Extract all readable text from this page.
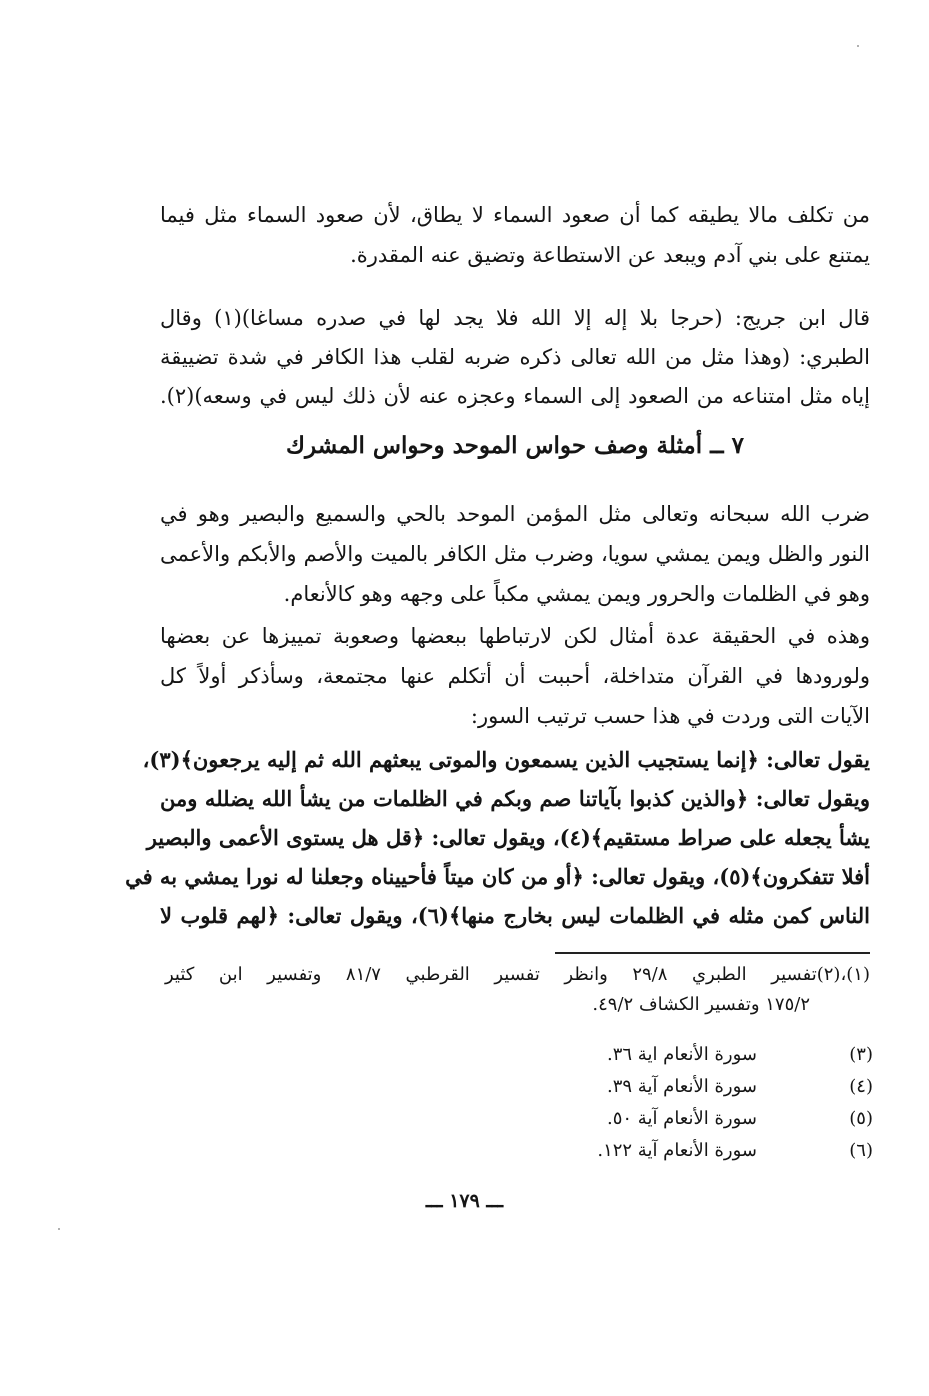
من تكلف مالا يطيقه كما أن صعود السماء لا يطاق، لأن صعود السماء مثل فيما
يمتنع على بني آدم ويبعد عن الاستطاعة وتضيق عنه المقدرة.
قال ابن جريج: (حرجا بلا إله إلا الله فلا يجد لها في صدره مساغا)(١) وقال
الطبري: (وهذا مثل من الله تعالى ذكره ضربه لقلب هذا الكافر في شدة تضييقة
إياه مثل امتناعه من الصعود إلى السماء وعجزه عنه لأن ذلك ليس في وسعه)(٢).
٧ ــ أمثلة وصف حواس الموحد وحواس المشرك
ضرب الله سبحانه وتعالى مثل المؤمن الموحد بالحي والسميع والبصير وهو في
النور والظل ويمن يمشي سويا، وضرب مثل الكافر بالميت والأصم والأبكم والأعمى
وهو في الظلمات والحرور ويمن يمشي مكباً على وجهه وهو كالأنعام.
وهذه في الحقيقة عدة أمثال لكن لارتباطها ببعضها وصعوبة تمييزها عن بعضها
ولورودها في القرآن متداخلة، أحببت أن أتكلم عنها مجتمعة، وسأذكر أولاً كل
الآيات التى وردت في هذا حسب ترتيب السور:
يقول تعالى: ﴿إنما يستجيب الذين يسمعون والموتى يبعثهم الله ثم إليه يرجعون﴾(٣)،
ويقول تعالى: ﴿والذين كذبوا بآياتنا صم وبكم في الظلمات من يشأ الله يضلله ومن
يشأ يجعله على صراط مستقيم﴾(٤)، ويقول تعالى: ﴿قل هل يستوى الأعمى والبصير
أفلا تتفكرون﴾(٥)، ويقول تعالى: ﴿أو من كان ميتاً فأحييناه وجعلنا له نورا يمشي به في
الناس كمن مثله في الظلمات ليس بخارج منها﴾(٦)، ويقول تعالى: ﴿لهم قلوب لا
(١)،(٢)تفسير الطبري ٢٩/٨ وانظر تفسير القرطبي ٨١/٧ وتفسير ابن كثير
١٧٥/٢ وتفسير الكشاف ٤٩/٢.
(٣)
سورة الأنعام اية ٣٦.
(٤)
سورة الأنعام آية ٣٩.
(٥)
سورة الأنعام آية ٥٠.
(٦)
سورة الأنعام آية ١٢٢.
ـــ ١٧٩ ـــ
